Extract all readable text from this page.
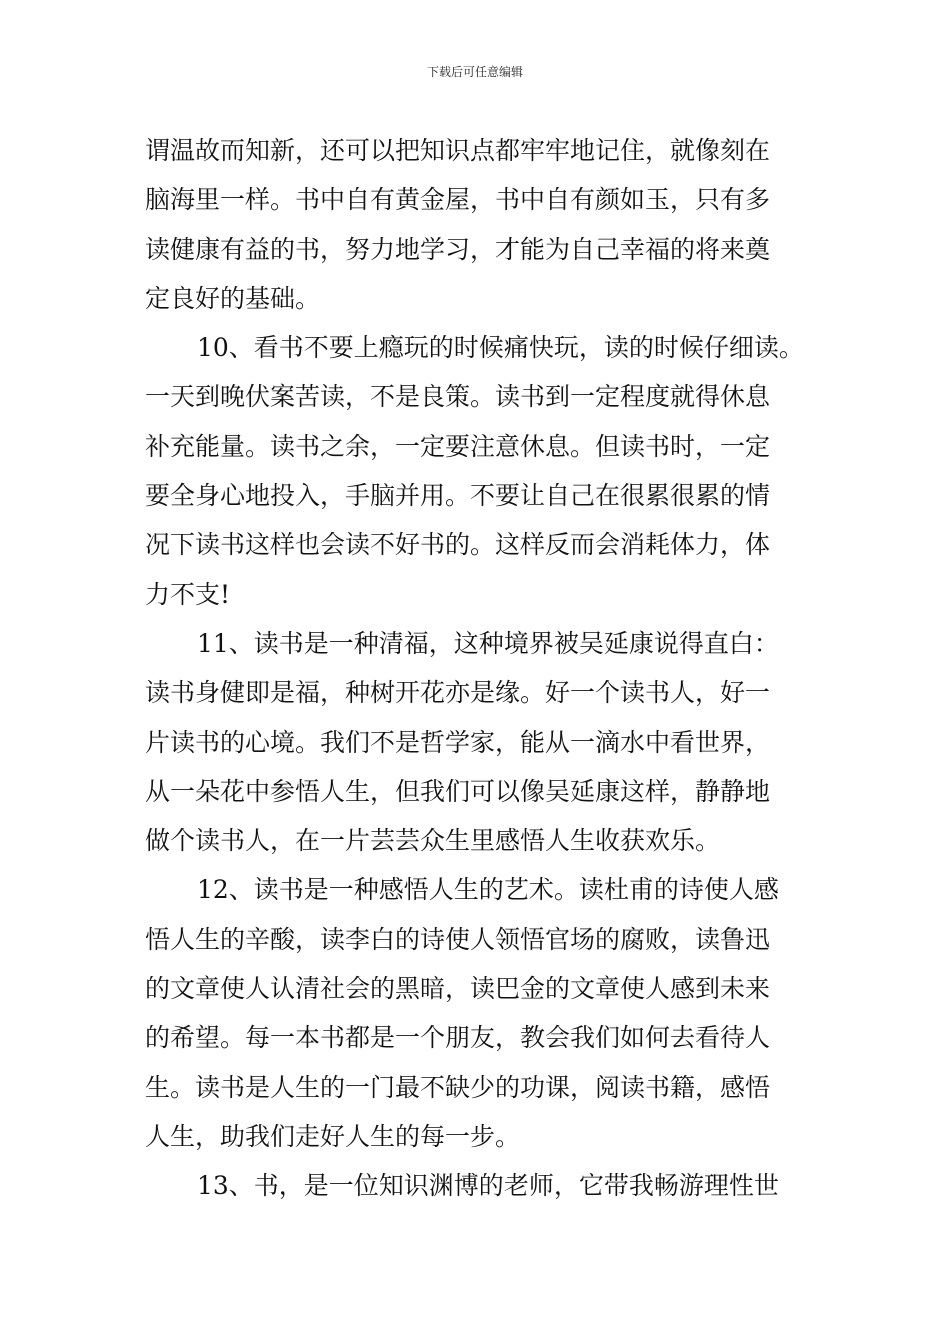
下载后可任意编辑
谓温故而知新，还可以把知识点都牢牢地记住，就像刻在
脑海里一样。书中自有黄金屋，书中自有颜如玉，只有多
读健康有益的书，努力地学习，才能为自己幸福的将来奠
定良好的基础。
10、看书不要上瘾玩的时候痛快玩，读的时候仔细读。
一天到晚伏案苦读，不是良策。读书到一定程度就得休息
补充能量。读书之余，一定要注意休息。但读书时，一定
要全身心地投入，手脑并用。不要让自己在很累很累的情
况下读书这样也会读不好书的。这样反而会消耗体力，体
力不支!
11、读书是一种清福，这种境界被吴延康说得直白：
读书身健即是福，种树开花亦是缘。好一个读书人，好一
片读书的心境。我们不是哲学家，能从一滴水中看世界，
从一朵花中参悟人生，但我们可以像吴延康这样，静静地
做个读书人，在一片芸芸众生里感悟人生收获欢乐。
12、读书是一种感悟人生的艺术。读杜甫的诗使人感
悟人生的辛酸，读李白的诗使人领悟官场的腐败，读鲁迅
的文章使人认清社会的黑暗，读巴金的文章使人感到未来
的希望。每一本书都是一个朋友，教会我们如何去看待人
生。读书是人生的一门最不缺少的功课，阅读书籍，感悟
人生，助我们走好人生的每一步。
13、书，是一位知识渊博的老师，它带我畅游理性世
